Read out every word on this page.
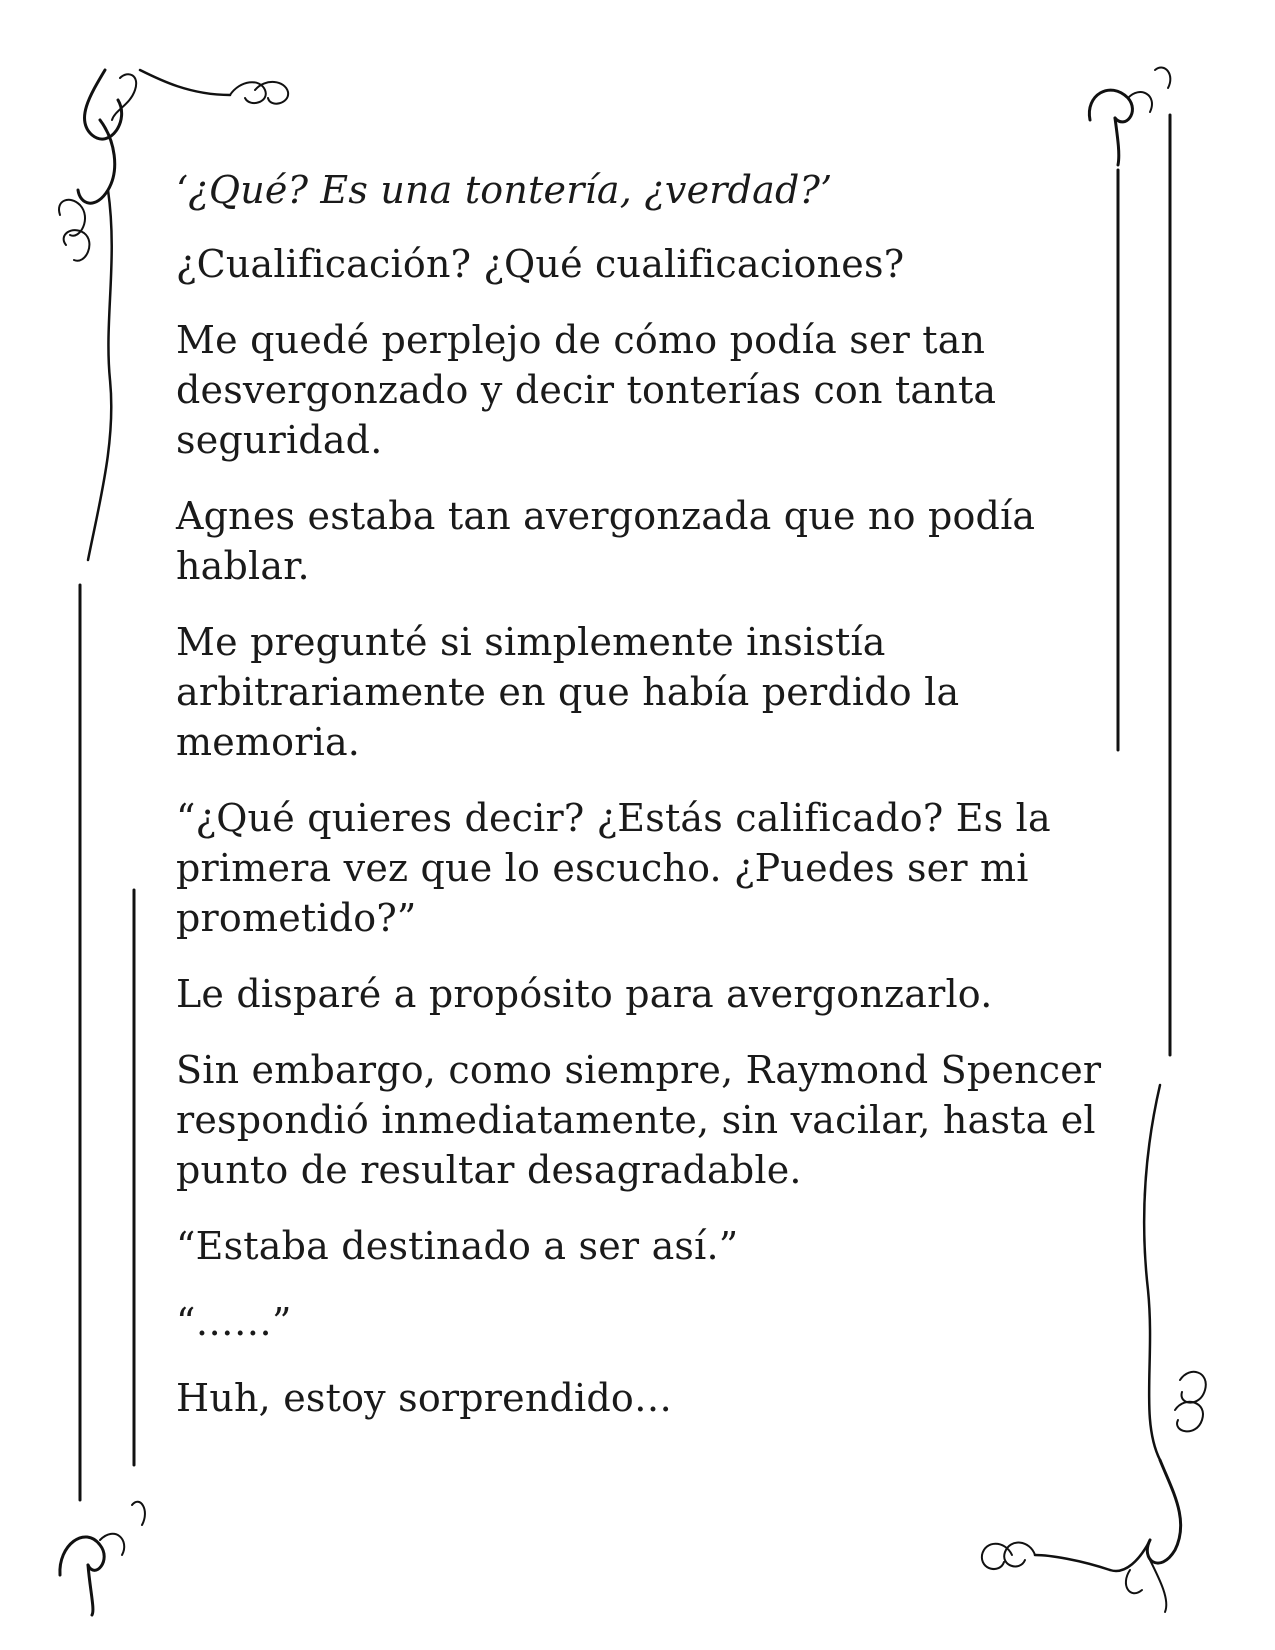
‘¿Qué? Es una tontería, ¿verdad?’

¿Cualificación? ¿Qué cualificaciones?

Me quedé perplejo de cómo podía ser tan desvergonzado y decir tonterías con tanta seguridad.

Agnes estaba tan avergonzada que no podía hablar.

Me pregunté si simplemente insistía arbitrariamente en que había perdido la memoria.

“¿Qué quieres decir? ¿Estás calificado? Es la primera vez que lo escucho. ¿Puedes ser mi prometido?”

Le disparé a propósito para avergonzarlo.

Sin embargo, como siempre, Raymond Spencer respondió inmediatamente, sin vacilar, hasta el punto de resultar desagradable.

“Estaba destinado a ser así.”

“……”

Huh, estoy sorprendido…
